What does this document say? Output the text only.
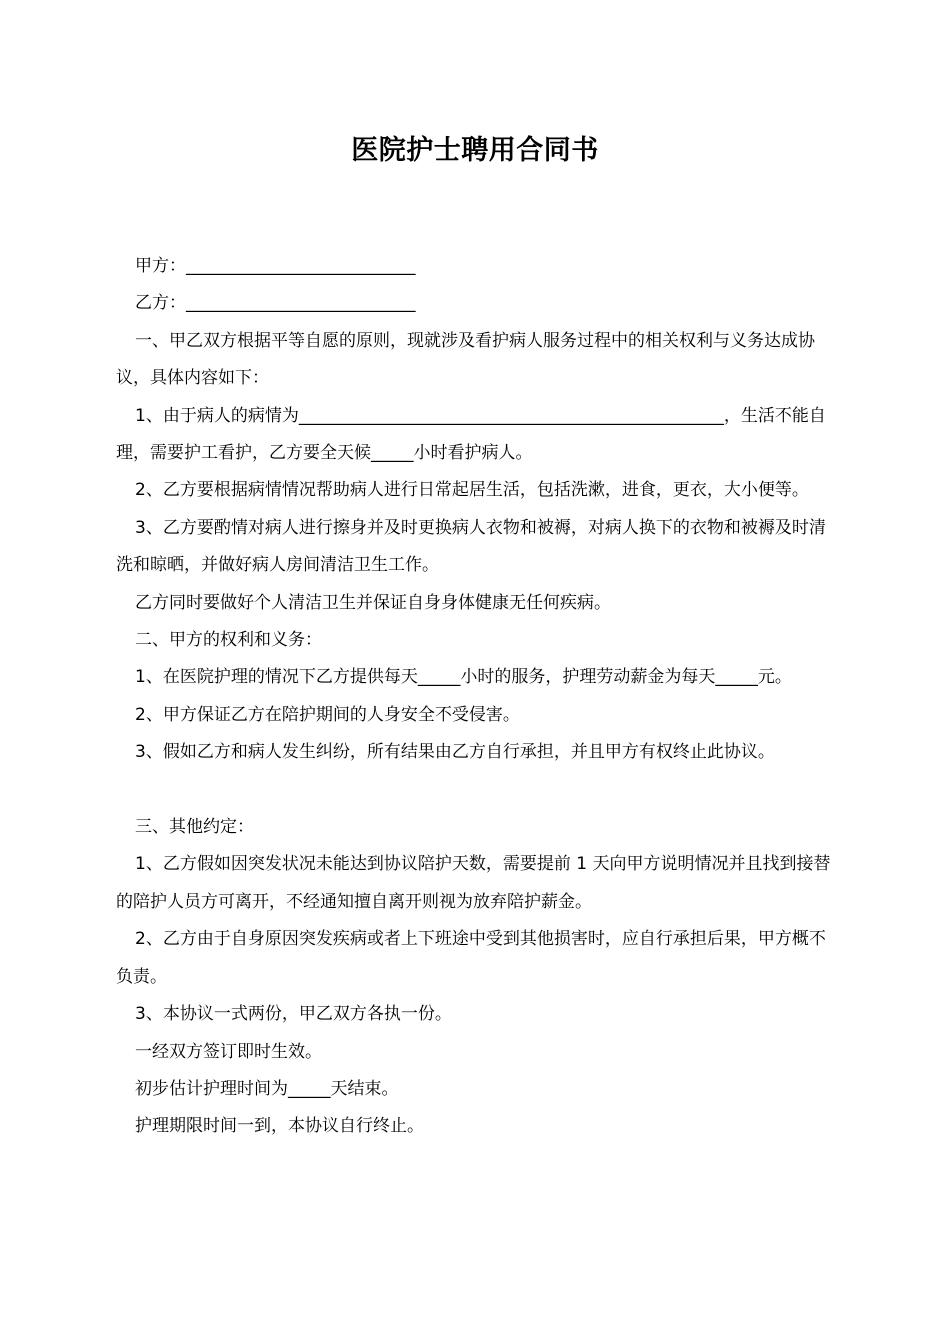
医院护士聘用合同书

甲方：___________________________

乙方：___________________________

一、甲乙双方根据平等自愿的原则，现就涉及看护病人服务过程中的相关权利与义务达成协议，具体内容如下：

1、由于病人的病情为__________________________________________________，生活不能自理，需要护工看护，乙方要全天候_____小时看护病人。

2、乙方要根据病情情况帮助病人进行日常起居生活，包括洗漱，进食，更衣，大小便等。

3、乙方要酌情对病人进行擦身并及时更换病人衣物和被褥，对病人换下的衣物和被褥及时清洗和晾晒，并做好病人房间清洁卫生工作。

乙方同时要做好个人清洁卫生并保证自身身体健康无任何疾病。

二、甲方的权利和义务：

1、在医院护理的情况下乙方提供每天_____小时的服务，护理劳动薪金为每天_____元。

2、甲方保证乙方在陪护期间的人身安全不受侵害。

3、假如乙方和病人发生纠纷，所有结果由乙方自行承担，并且甲方有权终止此协议。

三、其他约定：

1、乙方假如因突发状况未能达到协议陪护天数，需要提前 1 天向甲方说明情况并且找到接替的陪护人员方可离开，不经通知擅自离开则视为放弃陪护薪金。

2、乙方由于自身原因突发疾病或者上下班途中受到其他损害时，应自行承担后果，甲方概不负责。

3、本协议一式两份，甲乙双方各执一份。

一经双方签订即时生效。

初步估计护理时间为_____天结束。

护理期限时间一到，本协议自行终止。
